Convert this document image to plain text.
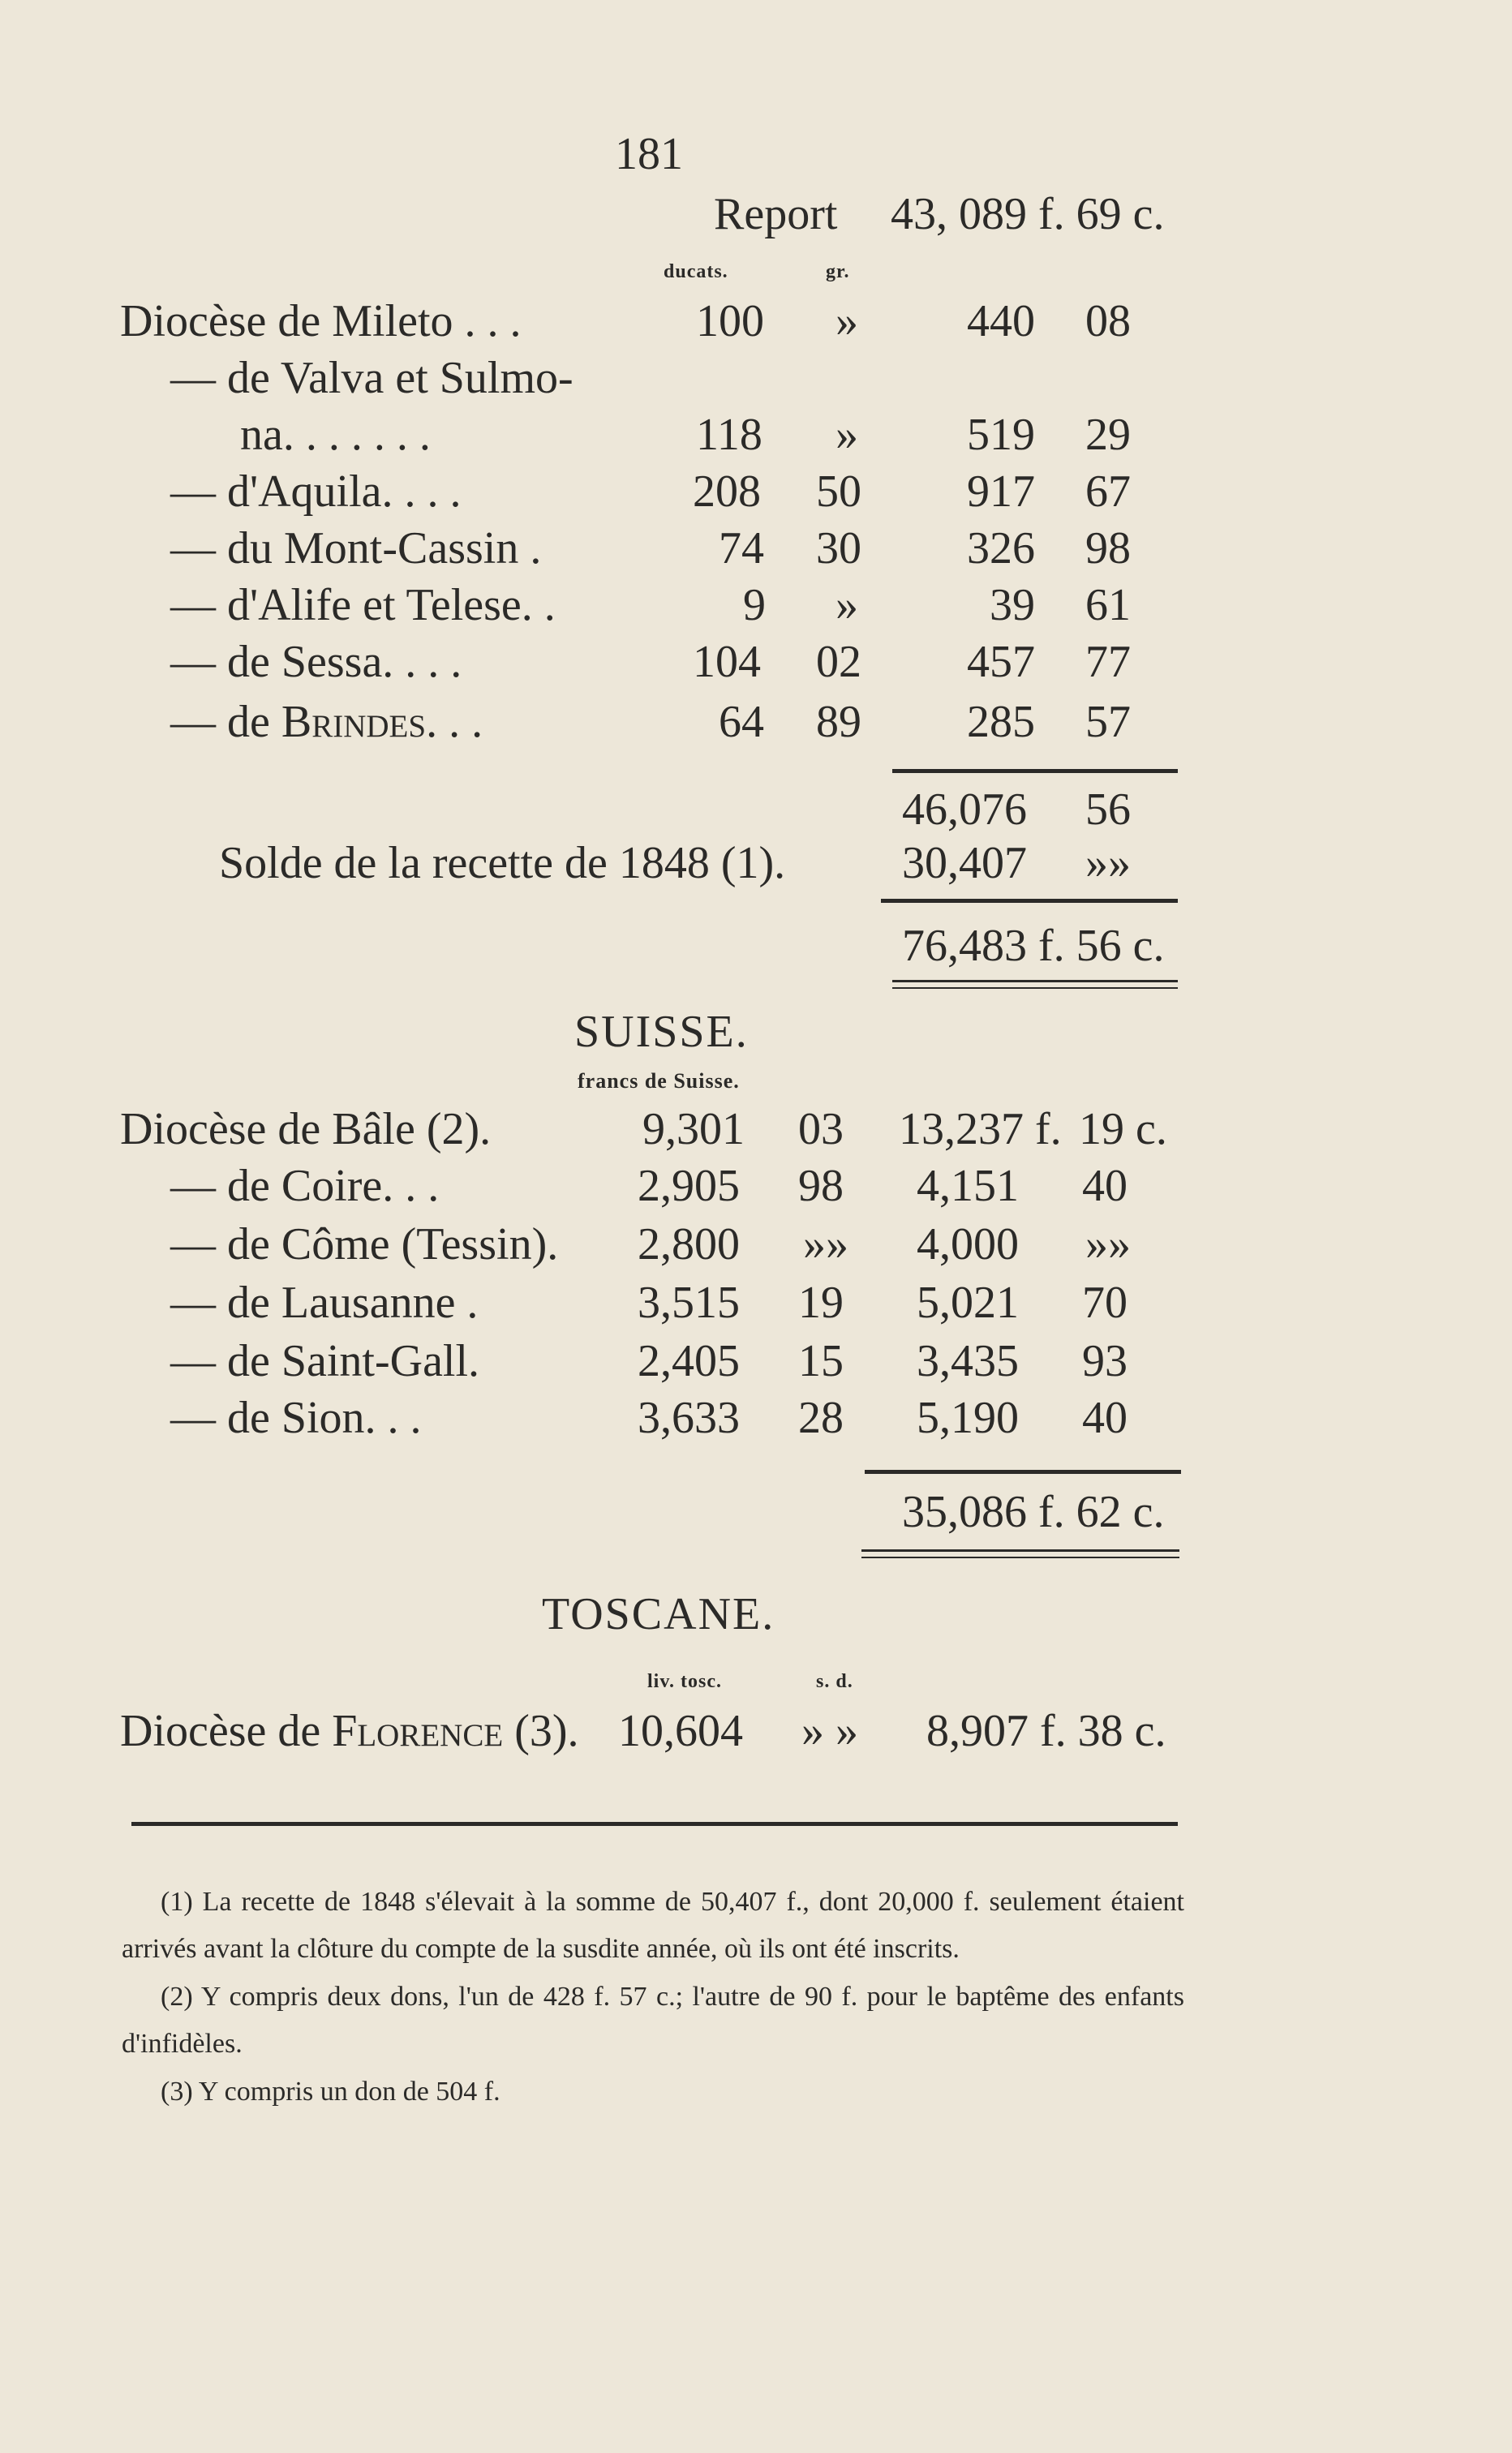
181
Report 43, 089 f. 69 c.
ducats.	gr.
Diocèse de Mileto . . .	100 » 440 08
— de Valva et Sulmo-
na. . . . . . .	118 » 519 29
— d'Aquila. . . .	208 50 917 67
— du Mont-Cassin .	74 30 326 98
— d'Alife et Telese. .	9 »	39 61
— de Sessa. . . .	104 02 457 77
— de Brindes. . .	64 89 285 57
46,076 56
Solde de la recette de 1848 (1).	30,407 »»
76,483 f. 56 c.
SUISSE.
francs de Suisse.
Diocèse de Bâle (2).	9,301 03 13,237 f. 19 c.
— de Coire. . .	2,905 98 4,151 40
— de Côme (Tessin). 2,800 »» 4,000 »»
— de Lausanne .	3,515 19 5,021 70
— de Saint-Gall.	2,405 15 3,435 93
— de Sion. . .	3,633 28 5,190 40
35,086 f. 62 c.
TOSCANE.
liv. tosc.	s. d.
Diocèse de Florence (3). 10,604 » » 8,907 f. 38 c.

(1) La recette de 1848 s'élevait à la somme de 50,407 f., dont 20,000 f. seulement étaient arrivés avant la clôture du compte de la susdite année, où ils ont été inscrits.

(2) Y compris deux dons, l'un de 428 f. 57 c.; l'autre de 90 f. pour le baptême des enfants d'infidèles.

(3) Y compris un don de 504 f.
